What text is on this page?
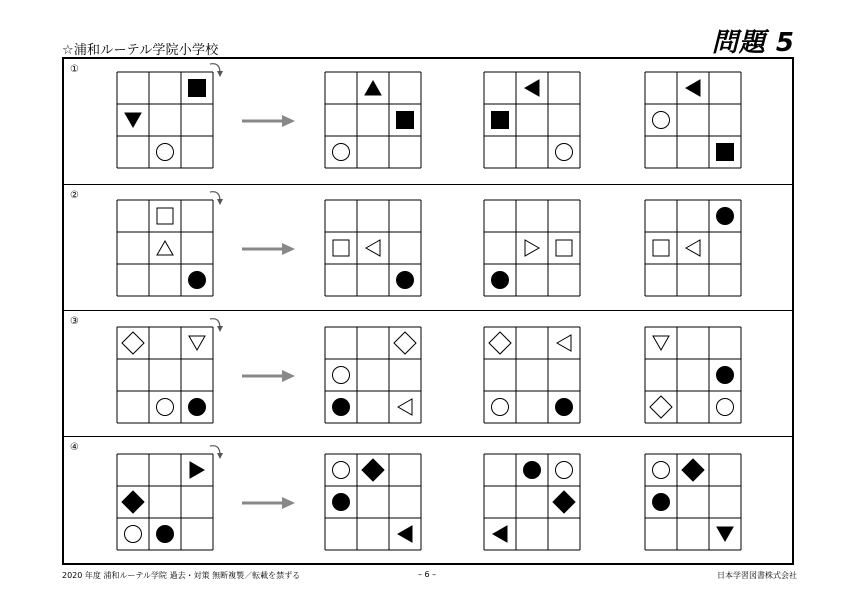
☆浦和ルーテル学院小学校	問題 5
①
②
③
④
2020 年度 浦和ルーテル学院 過去・対策 無断複製／転載を禁ずる	– 6 –	日本学習図書株式会社
